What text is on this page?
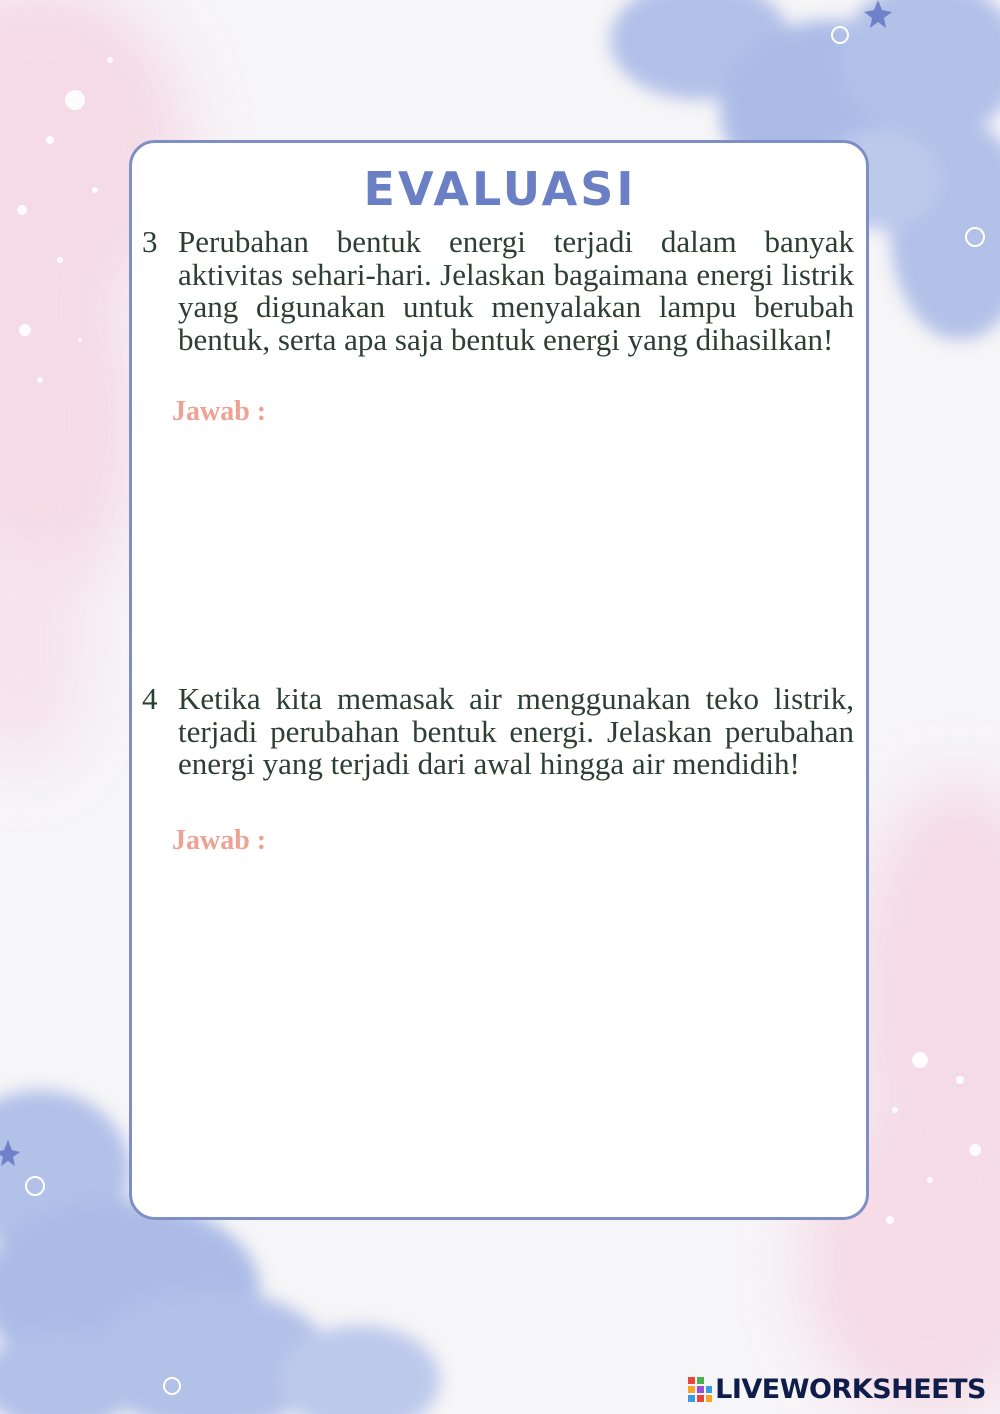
EVALUASI
3 Perubahan bentuk energi terjadi dalam banyak aktivitas sehari-hari. Jelaskan bagaimana energi listrik yang digunakan untuk menyalakan lampu berubah bentuk, serta apa saja bentuk energi yang dihasilkan!

Jawab :
4 Ketika kita memasak air menggunakan teko listrik, terjadi perubahan bentuk energi. Jelaskan perubahan energi yang terjadi dari awal hingga air mendidih!

Jawab :
LIVEWORKSHEETS
